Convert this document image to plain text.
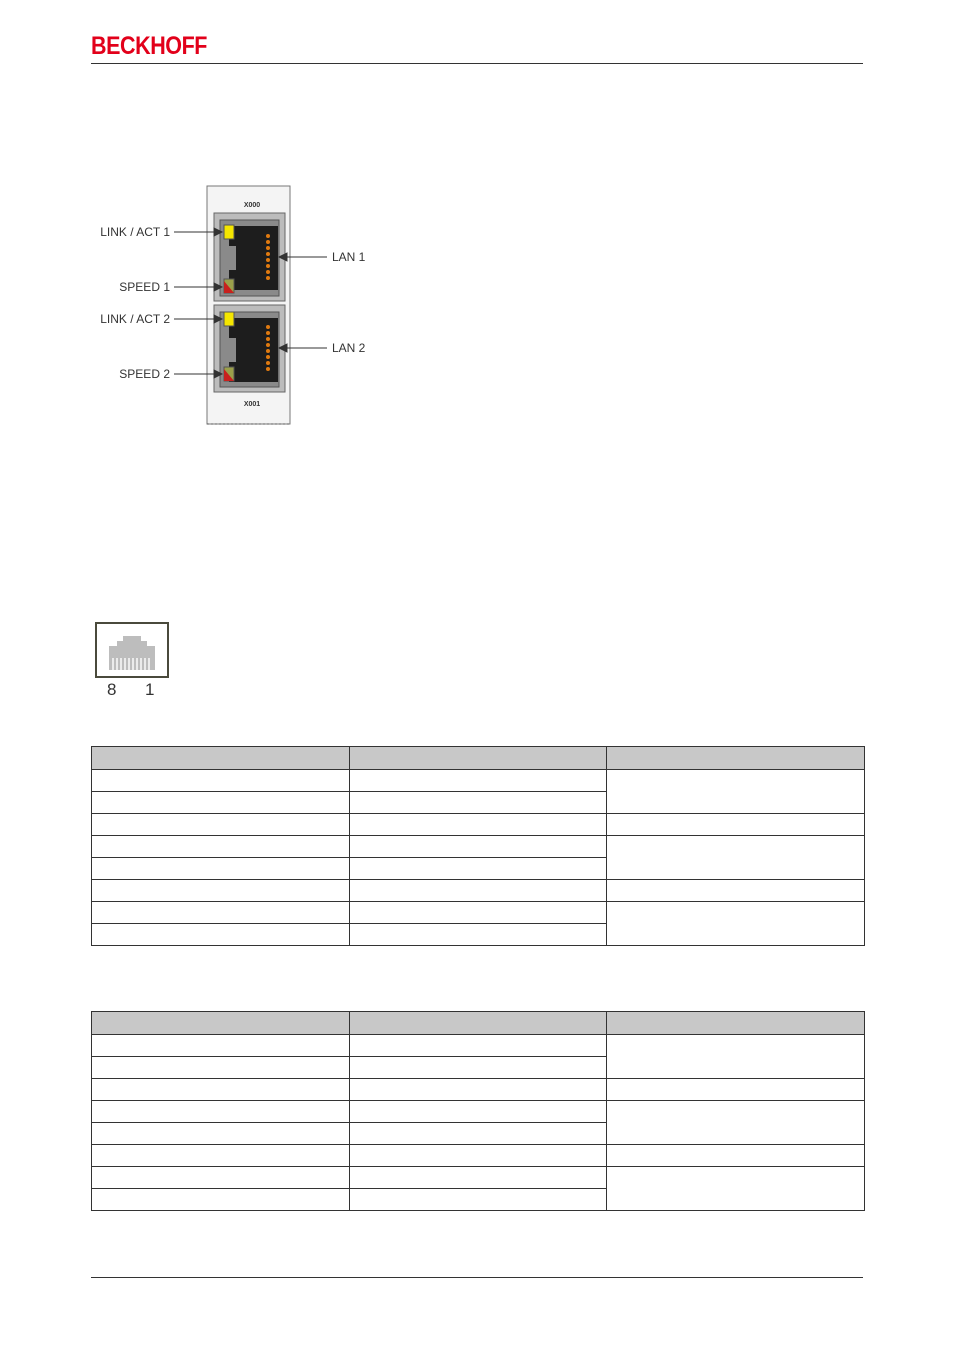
BECKHOFF
X000
X001
LINK / ACT 1
SPEED 1
LINK / ACT 2
SPEED 2
LAN 1
LAN 2
8 1
